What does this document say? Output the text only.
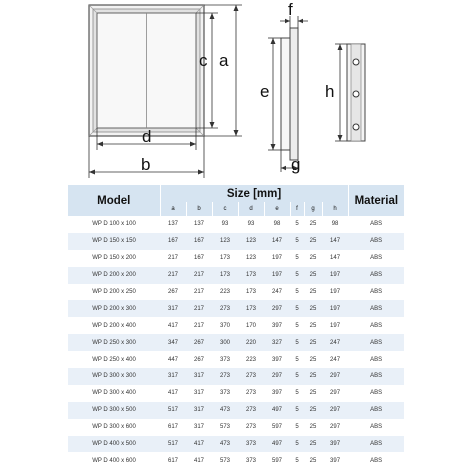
a
c
d
b
f
e
g
h
Model	Size [mm]								Material
	a	b	c	d	e	f	g	h	
WP D 100 x 100	137	137	93	93	98	5	25	98	ABS
WP D 150 x 150	167	167	123	123	147	5	25	147	ABS
WP D 150 x 200	217	167	173	123	197	5	25	147	ABS
WP D 200 x 200	217	217	173	173	197	5	25	197	ABS
WP D 200 x 250	267	217	223	173	247	5	25	197	ABS
WP D 200 x 300	317	217	273	173	297	5	25	197	ABS
WP D 200 x 400	417	217	370	170	397	5	25	197	ABS
WP D 250 x 300	347	267	300	220	327	5	25	247	ABS
WP D 250 x 400	447	267	373	223	397	5	25	247	ABS
WP D 300 x 300	317	317	273	273	297	5	25	297	ABS
WP D 300 x 400	417	317	373	273	397	5	25	297	ABS
WP D 300 x 500	517	317	473	273	497	5	25	297	ABS
WP D 300 x 600	617	317	573	273	597	5	25	297	ABS
WP D 400 x 500	517	417	473	373	497	5	25	397	ABS
WP D 400 x 600	617	417	573	373	597	5	25	397	ABS
